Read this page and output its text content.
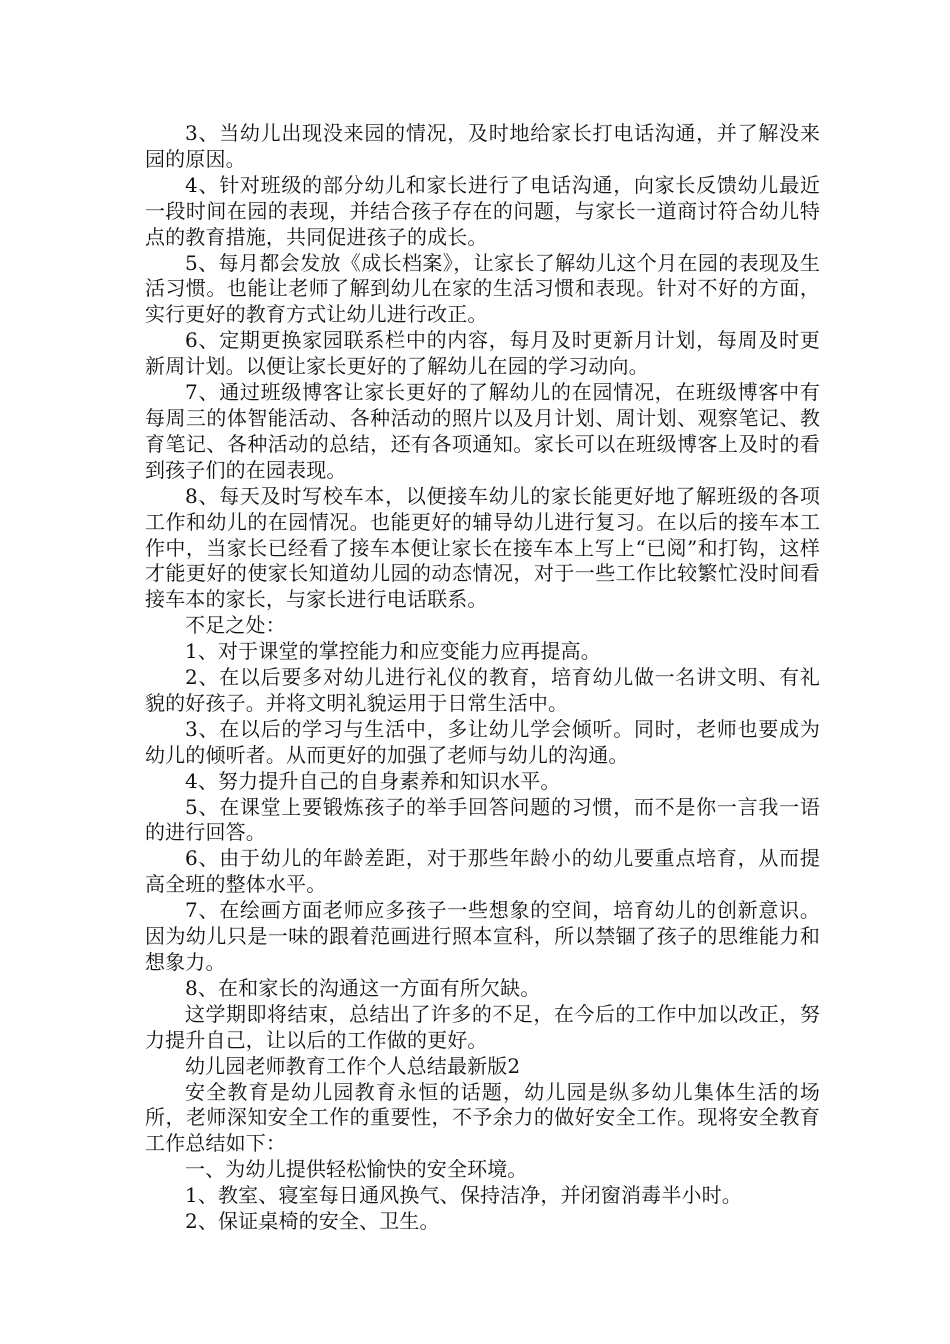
3、当幼儿出现没来园的情况，及时地给家长打电话沟通，并了解没来园的原因。

4、针对班级的部分幼儿和家长进行了电话沟通，向家长反馈幼儿最近一段时间在园的表现，并结合孩子存在的问题，与家长一道商讨符合幼儿特点的教育措施，共同促进孩子的成长。

5、每月都会发放《成长档案》，让家长了解幼儿这个月在园的表现及生活习惯。也能让老师了解到幼儿在家的生活习惯和表现。针对不好的方面，实行更好的教育方式让幼儿进行改正。

6、定期更换家园联系栏中的内容，每月及时更新月计划，每周及时更新周计划。以便让家长更好的了解幼儿在园的学习动向。

7、通过班级博客让家长更好的了解幼儿的在园情况，在班级博客中有每周三的体智能活动、各种活动的照片以及月计划、周计划、观察笔记、教育笔记、各种活动的总结，还有各项通知。家长可以在班级博客上及时的看到孩子们的在园表现。

8、每天及时写校车本，以便接车幼儿的家长能更好地了解班级的各项工作和幼儿的在园情况。也能更好的辅导幼儿进行复习。在以后的接车本工作中，当家长已经看了接车本便让家长在接车本上写上“已阅”和打钩，这样才能更好的使家长知道幼儿园的动态情况，对于一些工作比较繁忙没时间看接车本的家长，与家长进行电话联系。

不足之处：

1、对于课堂的掌控能力和应变能力应再提高。

2、在以后要多对幼儿进行礼仪的教育，培育幼儿做一名讲文明、有礼貌的好孩子。并将文明礼貌运用于日常生活中。

3、在以后的学习与生活中，多让幼儿学会倾听。同时，老师也要成为幼儿的倾听者。从而更好的加强了老师与幼儿的沟通。

4、努力提升自己的自身素养和知识水平。

5、在课堂上要锻炼孩子的举手回答问题的习惯，而不是你一言我一语的进行回答。

6、由于幼儿的年龄差距，对于那些年龄小的幼儿要重点培育，从而提高全班的整体水平。

7、在绘画方面老师应多孩子一些想象的空间，培育幼儿的创新意识。因为幼儿只是一味的跟着范画进行照本宣科，所以禁锢了孩子的思维能力和想象力。

8、在和家长的沟通这一方面有所欠缺。

这学期即将结束，总结出了许多的不足，在今后的工作中加以改正，努力提升自己，让以后的工作做的更好。

幼儿园老师教育工作个人总结最新版2

安全教育是幼儿园教育永恒的话题，幼儿园是纵多幼儿集体生活的场所，老师深知安全工作的重要性，不予余力的做好安全工作。现将安全教育工作总结如下：

一、为幼儿提供轻松愉快的安全环境。

1、教室、寝室每日通风换气、保持洁净，并闭窗消毒半小时。

2、保证桌椅的安全、卫生。
